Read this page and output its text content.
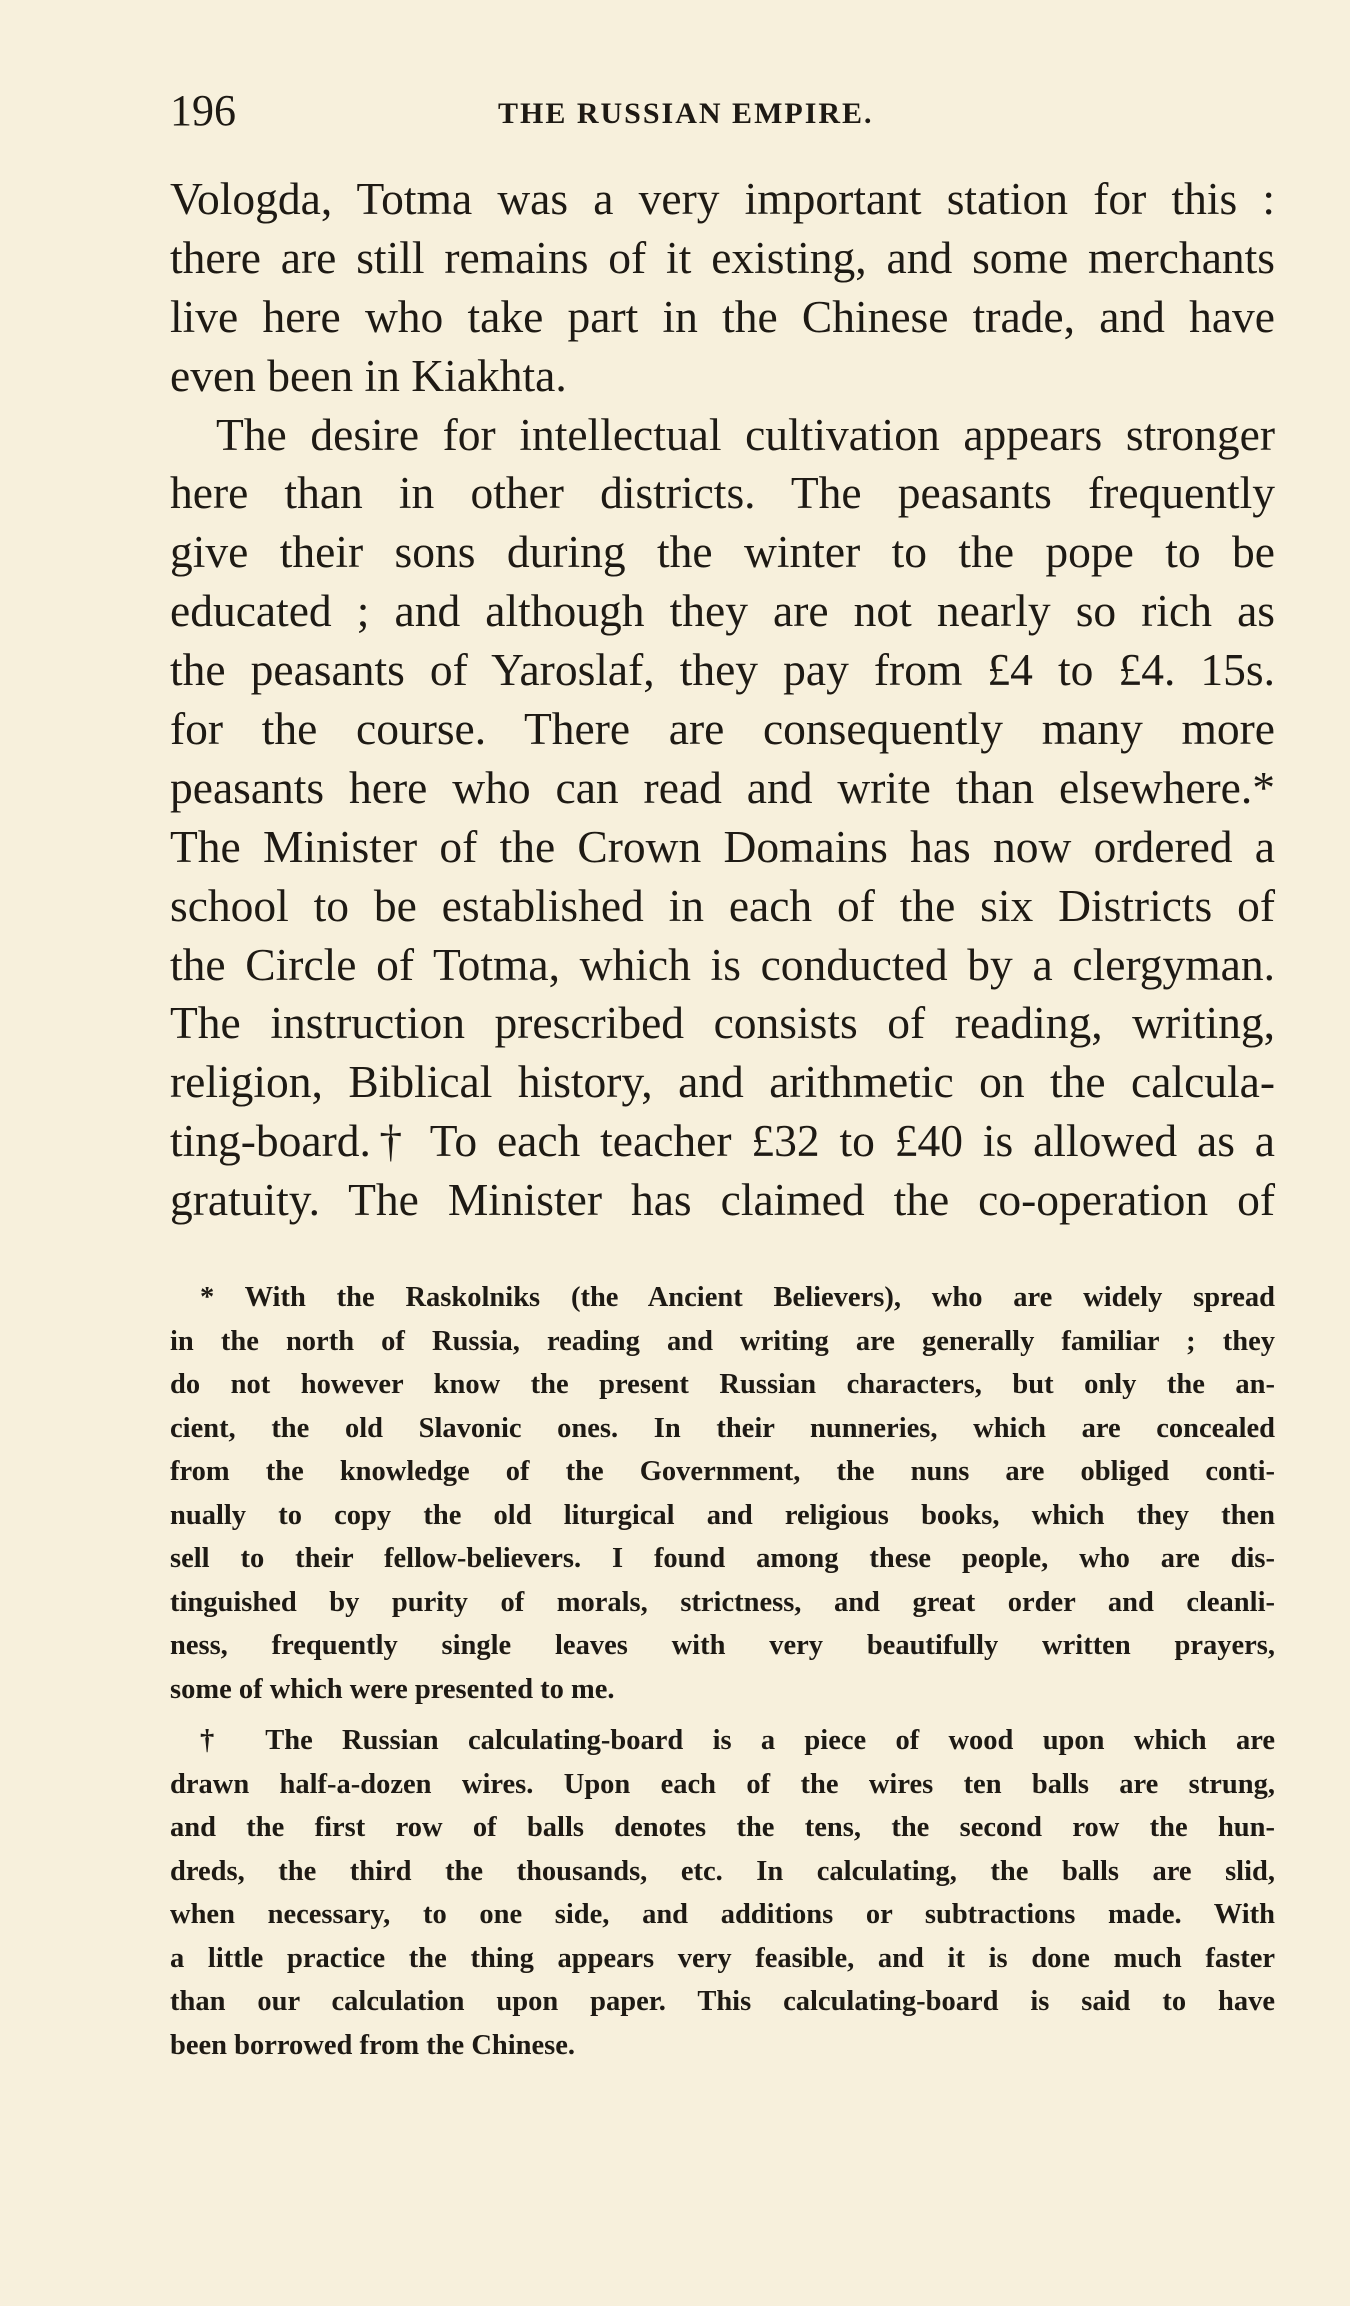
196	THE RUSSIAN EMPIRE.
Vologda, Totma was a very important station for this :
there are still remains of it existing, and some merchants
live here who take part in the Chinese trade, and have
even been in Kiakhta.
The desire for intellectual cultivation appears stronger
here than in other districts. The peasants frequently
give their sons during the winter to the pope to be
educated ; and although they are not nearly so rich as
the peasants of Yaroslaf, they pay from £4 to £4. 15s.
for the course. There are consequently many more
peasants here who can read and write than elsewhere.*
The Minister of the Crown Domains has now ordered a
school to be established in each of the six Districts of
the Circle of Totma, which is conducted by a clergyman.
The instruction prescribed consists of reading, writing,
religion, Biblical history, and arithmetic on the calcula-
ting-board.† To each teacher £32 to £40 is allowed as a
gratuity. The Minister has claimed the co-operation of
* With the Raskolniks (the Ancient Believers), who are widely spread
in the north of Russia, reading and writing are generally familiar ; they
do not however know the present Russian characters, but only the an-
cient, the old Slavonic ones. In their nunneries, which are concealed
from the knowledge of the Government, the nuns are obliged conti-
nually to copy the old liturgical and religious books, which they then
sell to their fellow-believers. I found among these people, who are dis-
tinguished by purity of morals, strictness, and great order and cleanli-
ness, frequently single leaves with very beautifully written prayers,
some of which were presented to me.
† The Russian calculating-board is a piece of wood upon which are
drawn half-a-dozen wires. Upon each of the wires ten balls are strung,
and the first row of balls denotes the tens, the second row the hun-
dreds, the third the thousands, etc. In calculating, the balls are slid,
when necessary, to one side, and additions or subtractions made. With
a little practice the thing appears very feasible, and it is done much faster
than our calculation upon paper. This calculating-board is said to have
been borrowed from the Chinese.
